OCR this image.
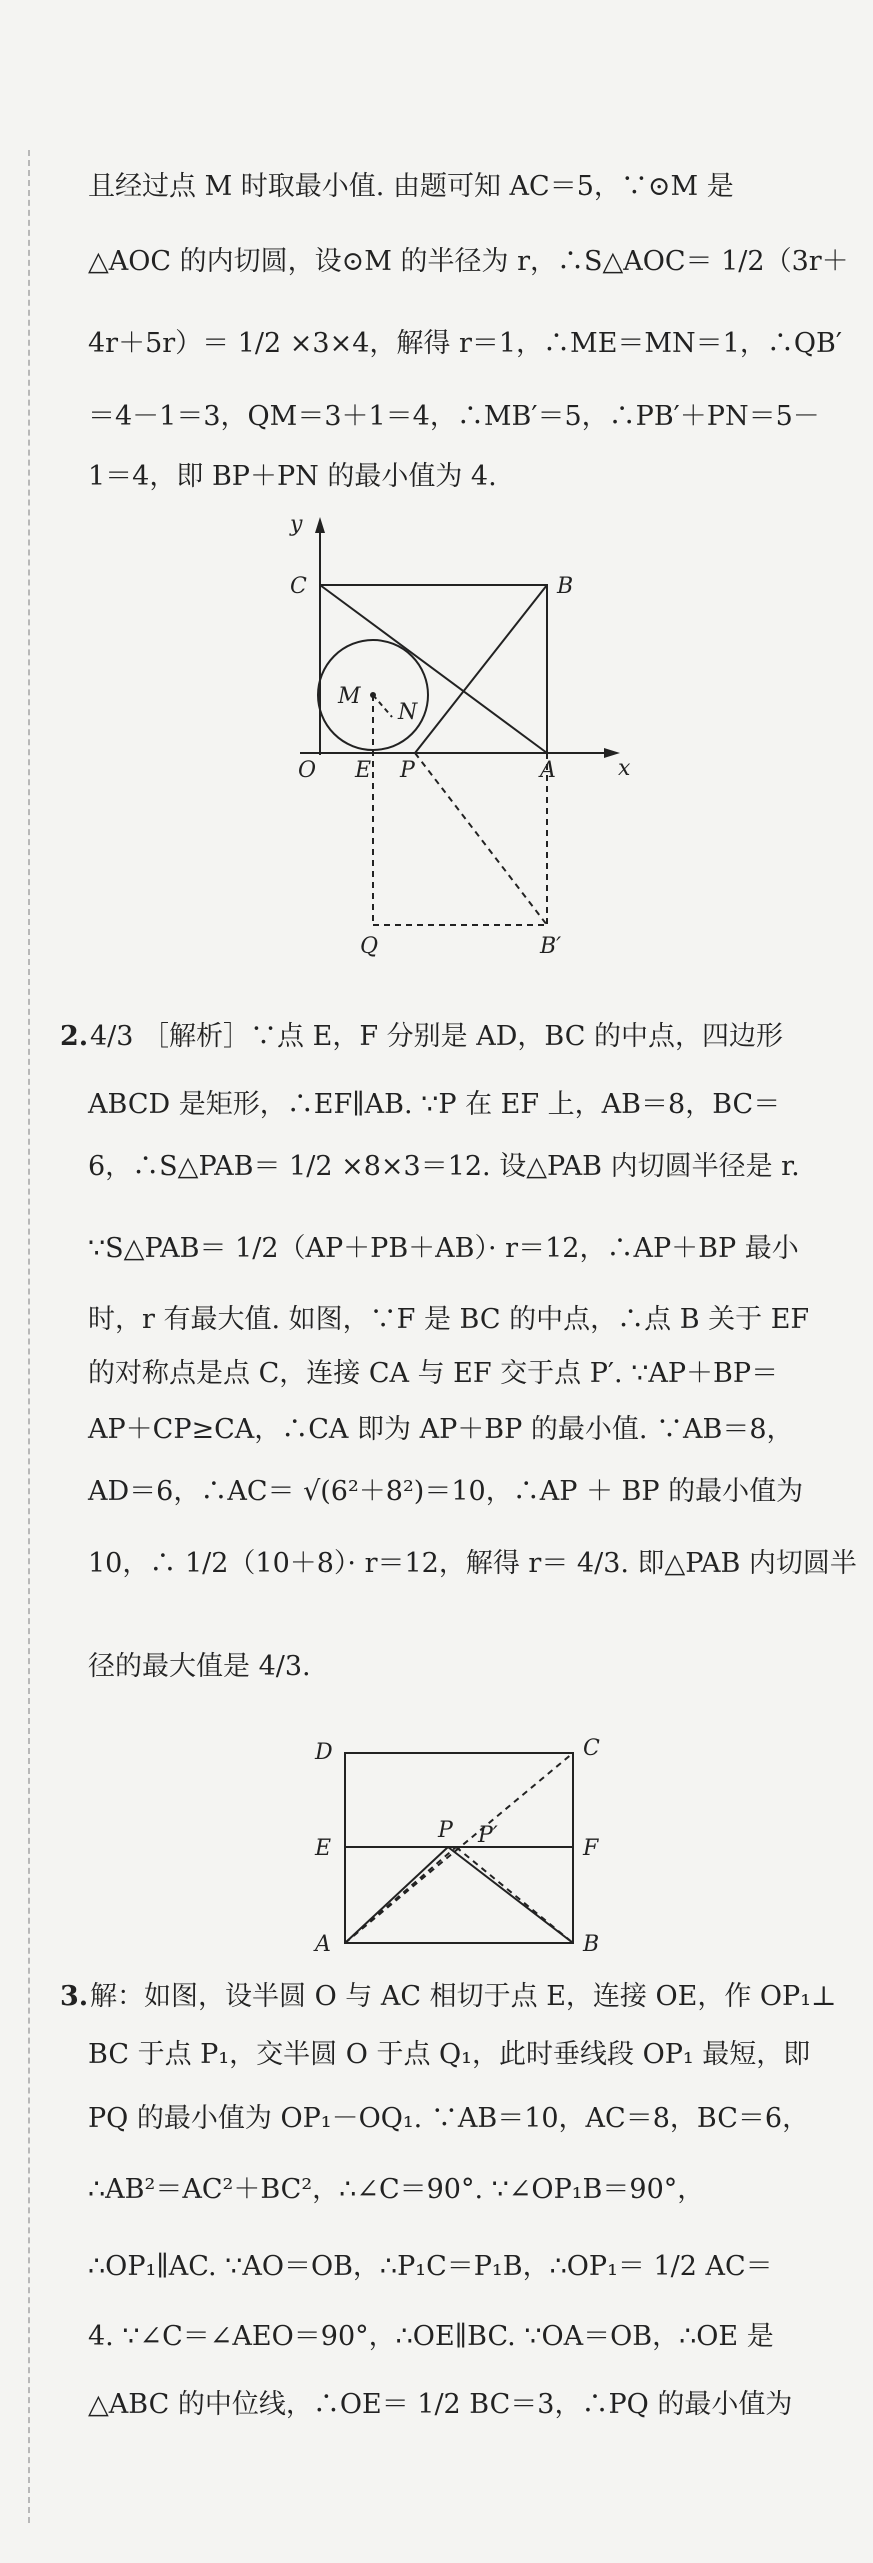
且经过点 M 时取最小值. 由题可知 AC＝5，∵⊙M 是
△AOC 的内切圆，设⊙M 的半径为 r，∴S△AOC＝ 1/2（3r＋
4r＋5r）＝ 1/2 ×3×4，解得 r＝1，∴ME＝MN＝1，∴QB′
＝4－1＝3，QM＝3＋1＝4，∴MB′＝5，∴PB′＋PN＝5－
1＝4，即 BP＋PN 的最小值为 4.
y
C	B
M
N
O E P	A	x
Q	B′
2. 4/3 ［解析］∵点 E，F 分别是 AD，BC 的中点，四边形
ABCD 是矩形，∴EF∥AB. ∵P 在 EF 上，AB＝8，BC＝
6，∴S△PAB＝ 1/2 ×8×3＝12. 设△PAB 内切圆半径是 r.
∵S△PAB＝ 1/2（AP＋PB＋AB）· r＝12，∴AP＋BP 最小
时，r 有最大值. 如图，∵F 是 BC 的中点，∴点 B 关于 EF
的对称点是点 C，连接 CA 与 EF 交于点 P′. ∵AP＋BP＝
AP＋CP≥CA，∴CA 即为 AP＋BP 的最小值. ∵AB＝8，
AD＝6，∴AC＝ √(6²＋8²)＝10，∴AP ＋ BP 的最小值为
10，∴ 1/2（10＋8）· r＝12，解得 r＝ 4/3. 即△PAB 内切圆半
径的最大值是 4/3.
D	C
E
P P′
F
A	B
3. 解：如图，设半圆 O 与 AC 相切于点 E，连接 OE，作 OP₁⊥
BC 于点 P₁，交半圆 O 于点 Q₁，此时垂线段 OP₁ 最短，即
PQ 的最小值为 OP₁－OQ₁. ∵AB＝10，AC＝8，BC＝6，
∴AB²＝AC²＋BC²，∴∠C＝90°. ∵∠OP₁B＝90°，
∴OP₁∥AC. ∵AO＝OB，∴P₁C＝P₁B，∴OP₁＝ 1/2 AC＝
4. ∵∠C＝∠AEO＝90°，∴OE∥BC. ∵OA＝OB，∴OE 是
△ABC 的中位线，∴OE＝ 1/2 BC＝3，∴PQ 的最小值为
